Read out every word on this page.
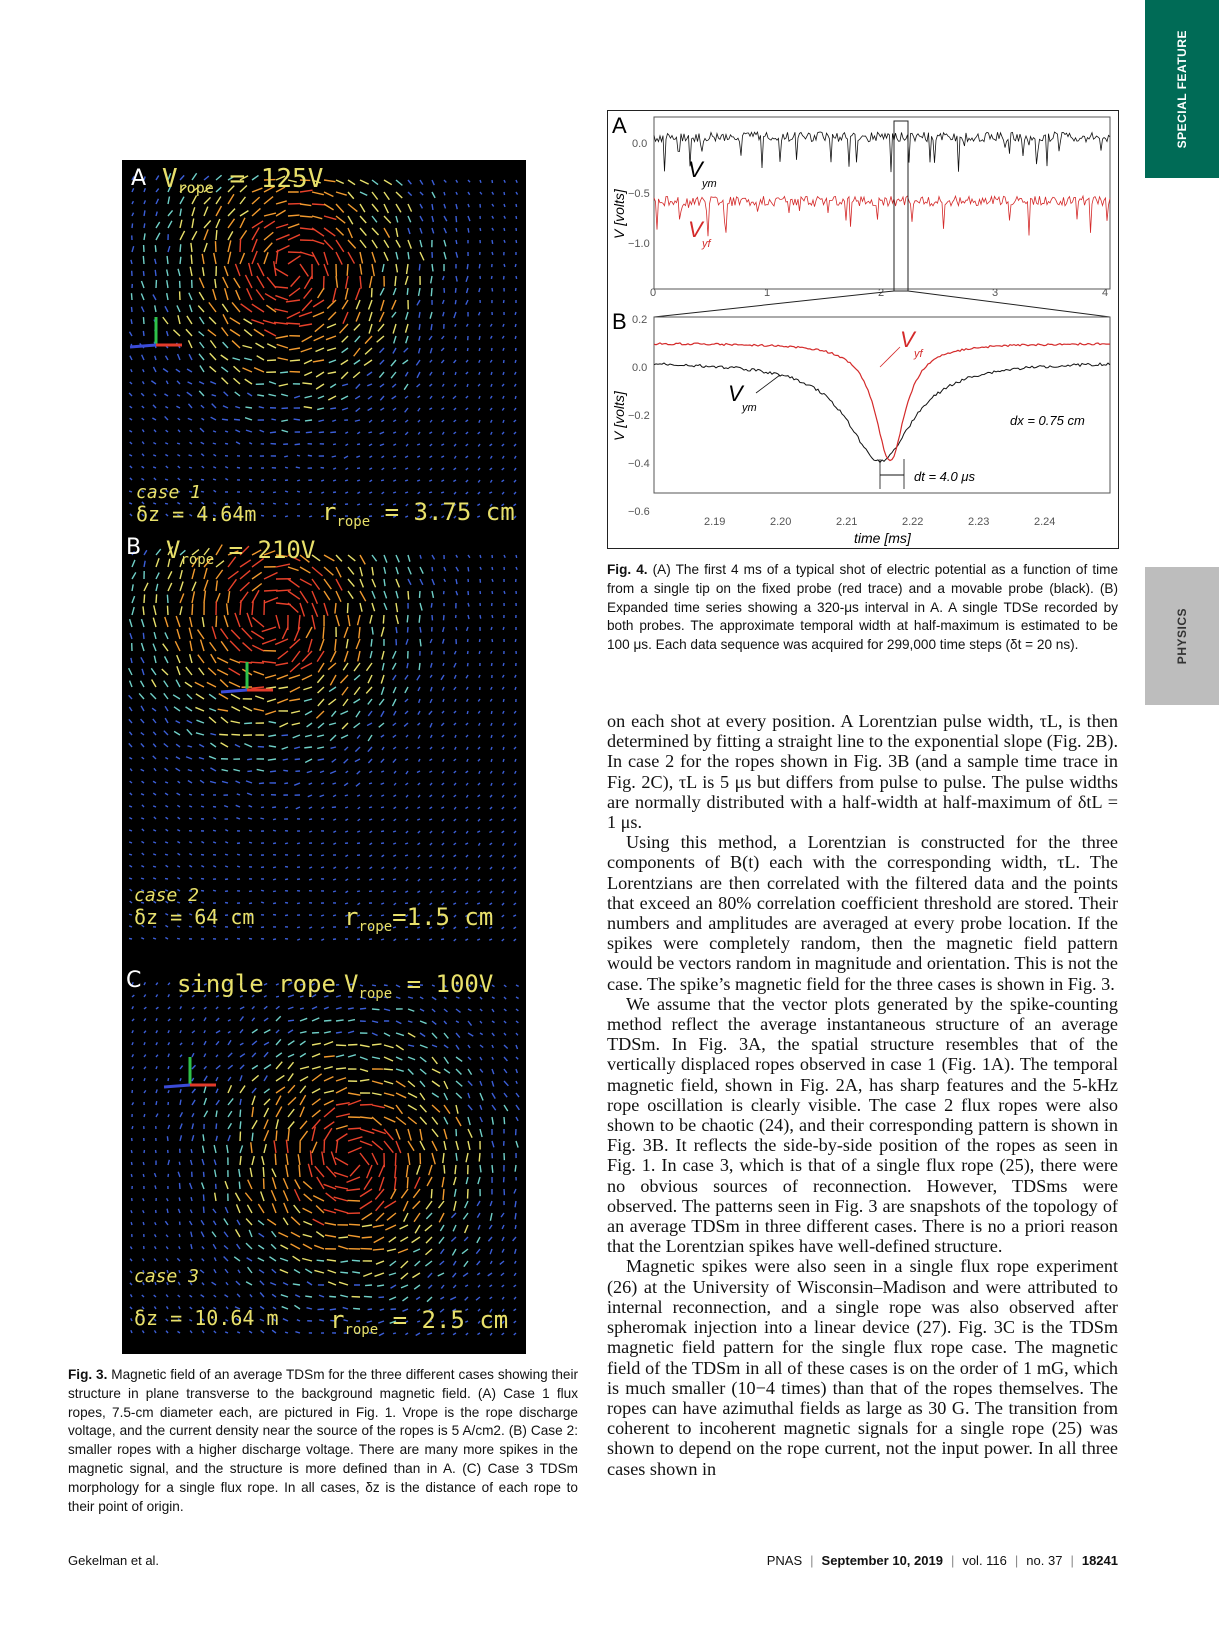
SPECIAL FEATURE
PHYSICS
A $V_{rope} = 125V$
case 1
δz = 4.64m	$r_{rope} = 3.75$ cm
B $V_{rope} = 210V$
case 2
δz = 64 cm	$r_{rope}=1.5$ cm
C single rope $V_{rope} = 100V$
case 3
δz = 10.64 m $r_{rope} = 2.5$ cm
Fig. 3. Magnetic field of an average TDSm for the three different cases showing their structure in plane transverse to the background magnetic field. (A) Case 1 flux ropes, 7.5-cm diameter each, are pictured in Fig. 1. Vrope is the rope discharge voltage, and the current density near the source of the ropes is 5 A/cm2. (B) Case 2: smaller ropes with a higher discharge voltage. There are many more spikes in the magnetic signal, and the structure is more defined than in A. (C) Case 3 TDSm morphology for a single flux rope. In all cases, δz is the distance of each rope to their point of origin.
A
V [volts]
0.0
−0.5
−1.0
0	1	2	3	4
V
ym
V
yf
B
V [volts]
0.2
0.0
−0.2
−0.4
−0.6
2.19	2.20	2.21	2.22	2.23	2.24
time [ms]
V
ym
V
yf
dx = 0.75 cm
dt = 4.0 μs
Fig. 4. (A) The first 4 ms of a typical shot of electric potential as a function of time from a single tip on the fixed probe (red trace) and a movable probe (black). (B) Expanded time series showing a 320-μs interval in A. A single TDSe recorded by both probes. The approximate temporal width at half-maximum is estimated to be 100 μs. Each data sequence was acquired for 299,000 time steps (δt = 20 ns).

on each shot at every position. A Lorentzian pulse width, τL, is then determined by fitting a straight line to the exponential slope (Fig. 2B). In case 2 for the ropes shown in Fig. 3B (and a sample time trace in Fig. 2C), τL is 5 μs but differs from pulse to pulse. The pulse widths are normally distributed with a half-width at half-maximum of δtL = 1 μs.

Using this method, a Lorentzian is constructed for the three components of B(t) each with the corresponding width, τL. The Lorentzians are then correlated with the filtered data and the points that exceed an 80% correlation coefficient threshold are stored. Their numbers and amplitudes are averaged at every probe location. If the spikes were completely random, then the magnetic field pattern would be vectors random in magnitude and orientation. This is not the case. The spike’s magnetic field for the three cases is shown in Fig. 3.

We assume that the vector plots generated by the spike-counting method reflect the average instantaneous structure of an average TDSm. In Fig. 3A, the spatial structure resembles that of the vertically displaced ropes observed in case 1 (Fig. 1A). The temporal magnetic field, shown in Fig. 2A, has sharp features and the 5-kHz rope oscillation is clearly visible. The case 2 flux ropes were also shown to be chaotic (24), and their corresponding pattern is shown in Fig. 3B. It reflects the side-by-side position of the ropes as seen in Fig. 1. In case 3, which is that of a single flux rope (25), there were no obvious sources of reconnection. However, TDSms were observed. The patterns seen in Fig. 3 are snapshots of the topology of an average TDSm in three different cases. There is no a priori reason that the Lorentzian spikes have well-defined structure.

Magnetic spikes were also seen in a single flux rope experiment (26) at the University of Wisconsin–Madison and were attributed to internal reconnection, and a single rope was also observed after spheromak injection into a linear device (27). Fig. 3C is the TDSm magnetic field pattern for the single flux rope case. The magnetic field of the TDSm in all of these cases is on the order of 1 mG, which is much smaller (10−4 times) than that of the ropes themselves. The ropes can have azimuthal fields as large as 30 G. The transition from coherent to incoherent magnetic signals for a single rope (25) was shown to depend on the rope current, not the input power. In all three cases shown in

Gekelman et al.	PNAS | September 10, 2019 | vol. 116 | no. 37 | 18241
